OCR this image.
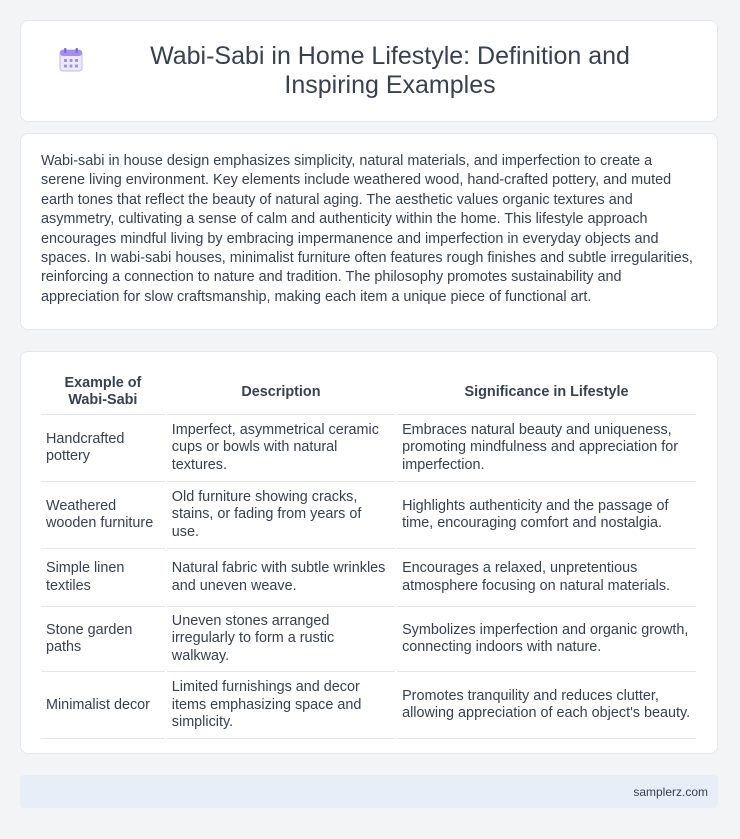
Wabi-Sabi in Home Lifestyle: Definition and Inspiring Examples

Wabi-sabi in house design emphasizes simplicity, natural materials, and imperfection to create a serene living environment. Key elements include weathered wood, hand-crafted pottery, and muted earth tones that reflect the beauty of natural aging. The aesthetic values organic textures and asymmetry, cultivating a sense of calm and authenticity within the home. This lifestyle approach encourages mindful living by embracing impermanence and imperfection in everyday objects and spaces. In wabi-sabi houses, minimalist furniture often features rough finishes and subtle irregularities, reinforcing a connection to nature and tradition. The philosophy promotes sustainability and appreciation for slow craftsmanship, making each item a unique piece of functional art.

Example of Wabi-Sabi	Description	Significance in Lifestyle
Handcrafted pottery	Imperfect, asymmetrical ceramic cups or bowls with natural textures.	Embraces natural beauty and uniqueness, promoting mindfulness and appreciation for imperfection.
Weathered wooden furniture	Old furniture showing cracks, stains, or fading from years of use.	Highlights authenticity and the passage of time, encouraging comfort and nostalgia.
Simple linen textiles	Natural fabric with subtle wrinkles and uneven weave.	Encourages a relaxed, unpretentious atmosphere focusing on natural materials.
Stone garden paths	Uneven stones arranged irregularly to form a rustic walkway.	Symbolizes imperfection and organic growth, connecting indoors with nature.
Minimalist decor	Limited furnishings and decor items emphasizing space and simplicity.	Promotes tranquility and reduces clutter, allowing appreciation of each object's beauty.
samplerz.com
